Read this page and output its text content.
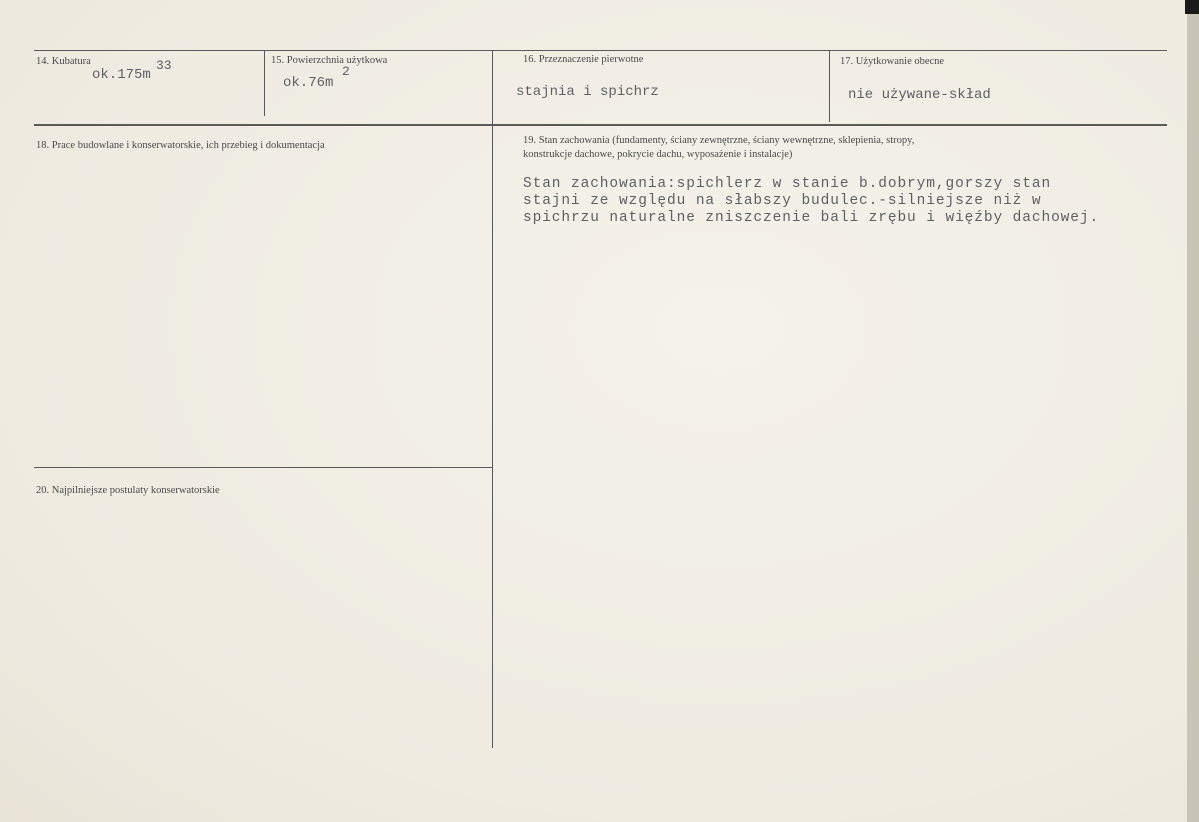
14. Kubatura
ok.175m
33	15. Powierzchnia użytkowa
ok.76m
2
16. Przeznaczenie pierwotne
stajnia i spichrz
17. Użytkowanie obecne
nie używane-skład
18. Prace budowlane i konserwatorskie, ich przebieg i dokumentacja	19. Stan zachowania (fundamenty, ściany zewnętrzne, ściany wewnętrzne, sklepienia, stropy,
konstrukcje dachowe, pokrycie dachu, wyposażenie i instalacje)
Stan zachowania:spichlerz w stanie b.dobrym,gorszy stan
stajni ze względu na słabszy budulec.-silniejsze niż w
spichrzu naturalne zniszczenie bali zrębu i więźby dachowej.
20. Najpilniejsze postulaty konserwatorskie
